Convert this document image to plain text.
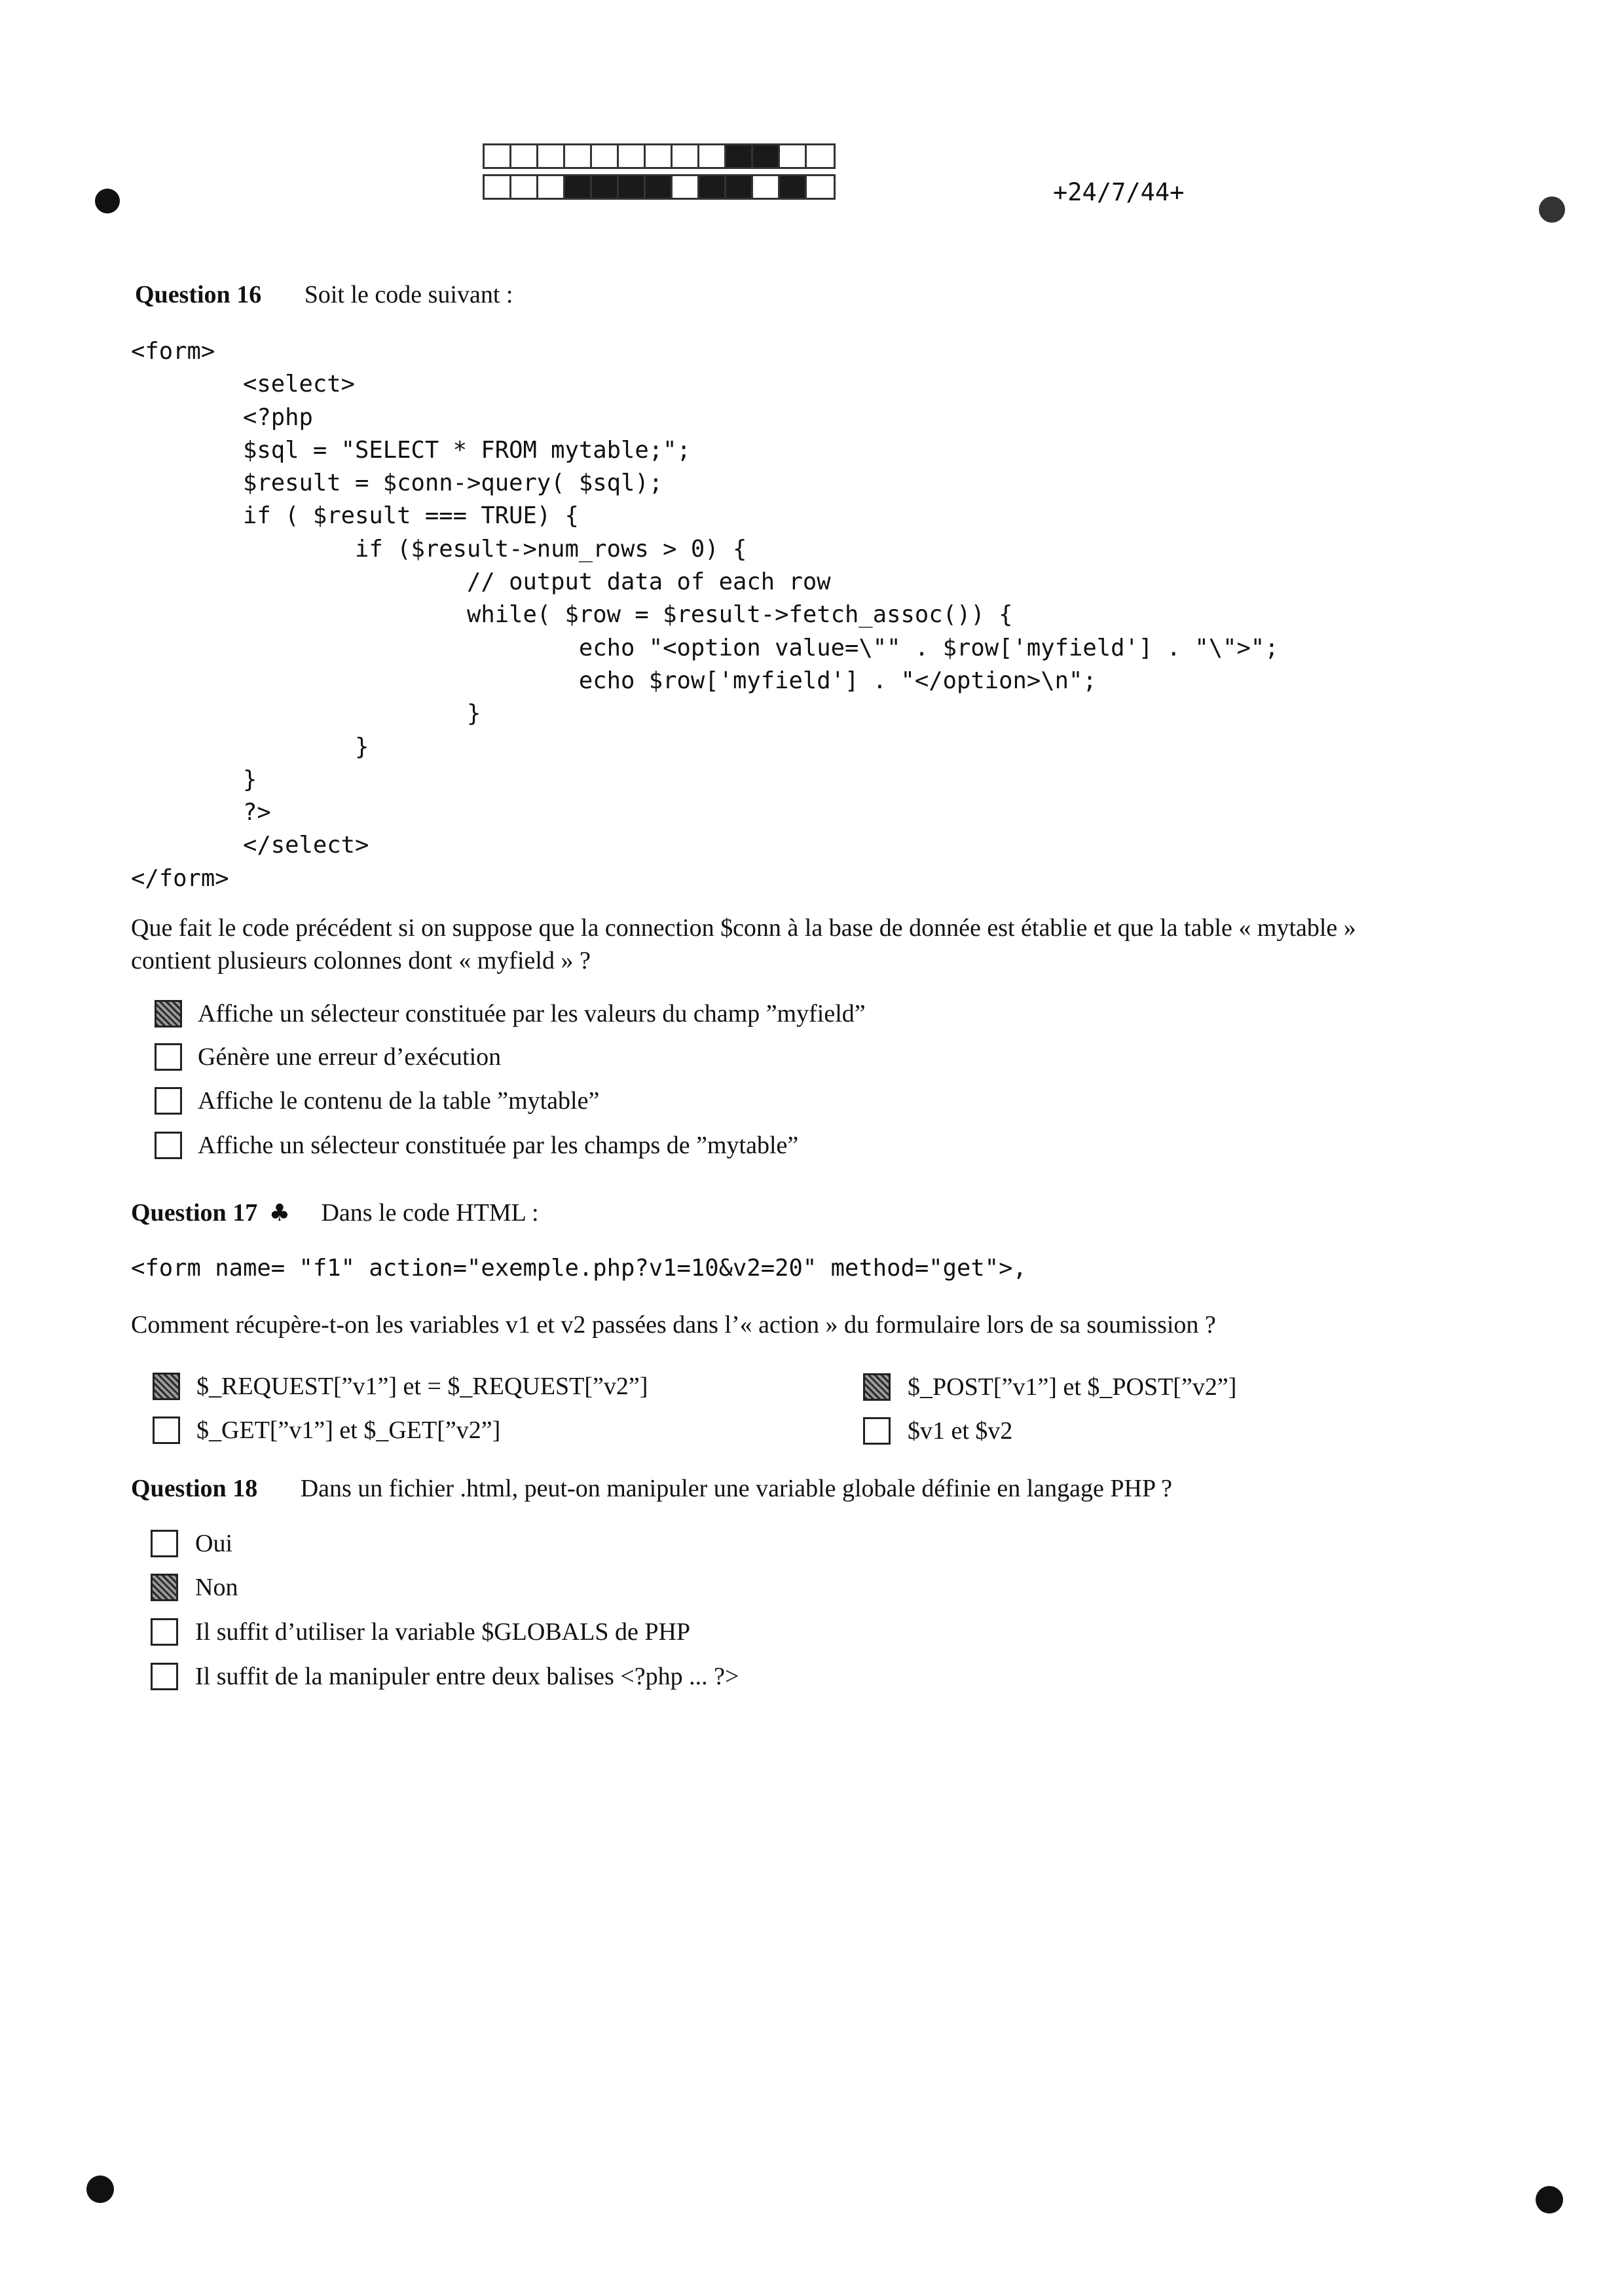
+24/7/44+
Question 16 Soit le code suivant :
<form>
<select>
<?php
$sql = "SELECT * FROM mytable;";
$result = $conn->query( $sql);
if ( $result === TRUE) {
if ($result->num_rows > 0) {
// output data of each row
while( $row = $result->fetch_assoc()) {
echo "<option value=\"" . $row['myfield'] . "\">";
echo $row['myfield'] . "</option>\n";
}
}
}
?>
</select>
</form>
Que fait le code précédent si on suppose que la connection $conn à la base de donnée est établie et que la table « mytable »
contient plusieurs colonnes dont « myfield » ?
Affiche un sélecteur constituée par les valeurs du champ ”myfield”
Génère une erreur d’exécution
Affiche le contenu de la table ”mytable”
Affiche un sélecteur constituée par les champs de ”mytable”
Question 17 ♣ Dans le code HTML :
<form name= "f1" action="exemple.php?v1=10&v2=20" method="get">,
Comment récupère-t-on les variables v1 et v2 passées dans l’« action » du formulaire lors de sa soumission ?
$_REQUEST[”v1”] et = $_REQUEST[”v2”]	$_POST[”v1”] et $_POST[”v2”]
$_GET[”v1”] et $_GET[”v2”]	$v1 et $v2
Question 18 Dans un fichier .html, peut-on manipuler une variable globale définie en langage PHP ?
Oui
Non
Il suffit d’utiliser la variable $GLOBALS de PHP
Il suffit de la manipuler entre deux balises <?php ... ?>
